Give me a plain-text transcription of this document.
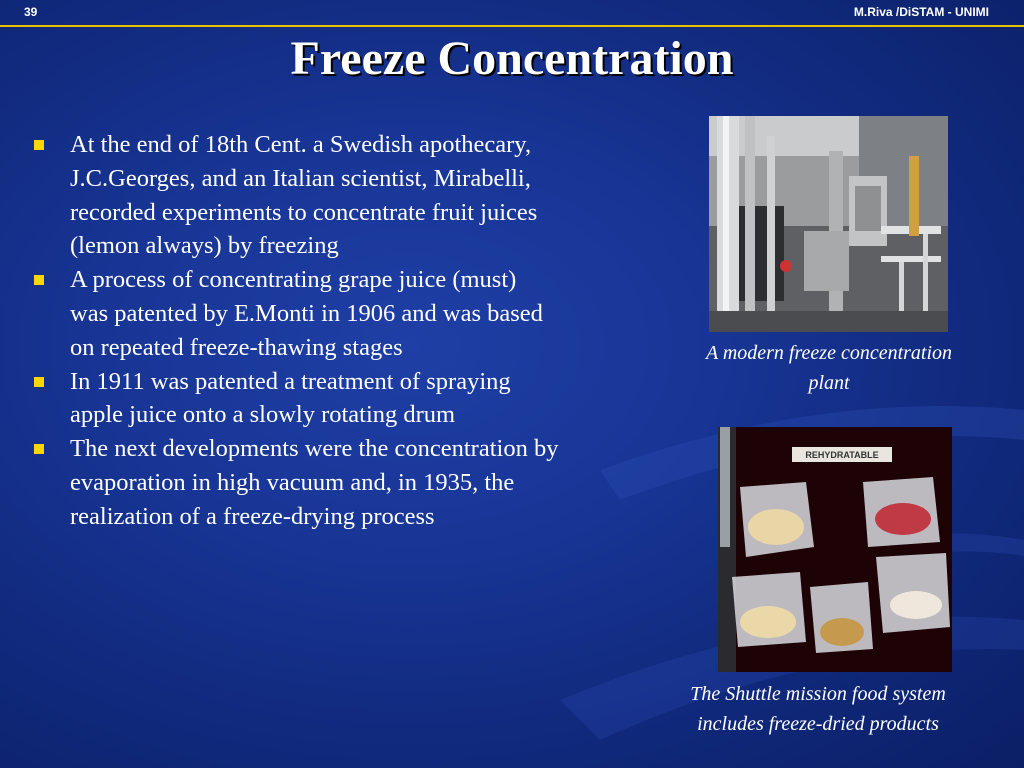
39	M.Riva /DiSTAM - UNIMI
Freeze Concentration
At the end of 18th Cent. a Swedish apothecary, J.C.Georges, and an Italian scientist, Mirabelli, recorded experiments to concentrate fruit juices (lemon always) by freezing
A process of concentrating grape juice (must) was patented by E.Monti in 1906 and was based on repeated freeze-thawing stages
In 1911 was patented a treatment of spraying apple juice onto a slowly rotating drum
The next developments were the concentration by evaporation in high vacuum and, in 1935, the realization of a freeze-drying process
A modern freeze concentration plant
REHYDRATABLE
The Shuttle mission food system includes freeze-dried products
